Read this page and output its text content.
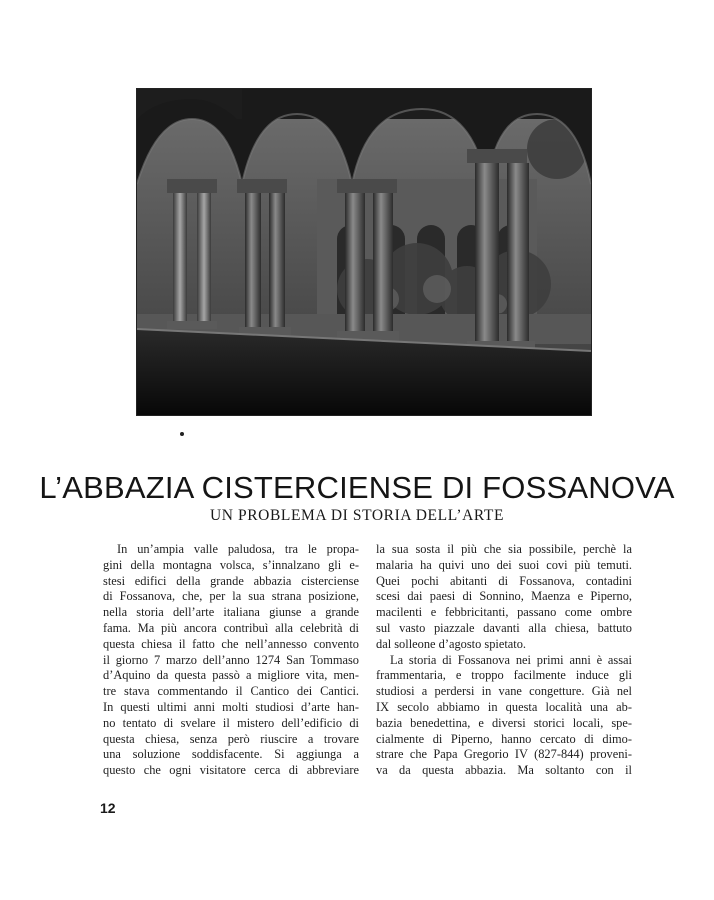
L’ABBAZIA CISTERCIENSE DI FOSSANOVA
UN PROBLEMA DI STORIA DELL’ARTE
In un’ampia valle paludosa, tra le propa-
gini della montagna volsca, s’innalzano gli e-
stesi edifici della grande abbazia cisterciense
di Fossanova, che, per la sua strana posizione,
nella storia dell’arte italiana giunse a grande
fama. Ma più ancora contribuì alla celebrità di
questa chiesa il fatto che nell’annesso convento
il giorno 7 marzo dell’anno 1274 San Tommaso
d’Aquino da questa passò a migliore vita, men-
tre stava commentando il Cantico dei Cantici.
In questi ultimi anni molti studiosi d’arte han-
no tentato di svelare il mistero dell’edificio di
questa chiesa, senza però riuscire a trovare
una soluzione soddisfacente. Si aggiunga a
questo che ogni visitatore cerca di abbreviare
la sua sosta il più che sia possibile, perchè la
malaria ha quivi uno dei suoi covi più temuti.
Quei pochi abitanti di Fossanova, contadini
scesi dai paesi di Sonnino, Maenza e Piperno,
macilenti e febbricitanti, passano come ombre
sul vasto piazzale davanti alla chiesa, battuto
dal solleone d’agosto spietato.
La storia di Fossanova nei primi anni è assai
frammentaria, e troppo facilmente induce gli
studiosi a perdersi in vane congetture. Già nel
IX secolo abbiamo in questa località una ab-
bazia benedettina, e diversi storici locali, spe-
cialmente di Piperno, hanno cercato di dimo-
strare che Papa Gregorio IV (827-844) proveni-
va da questa abbazia. Ma soltanto con il
12
